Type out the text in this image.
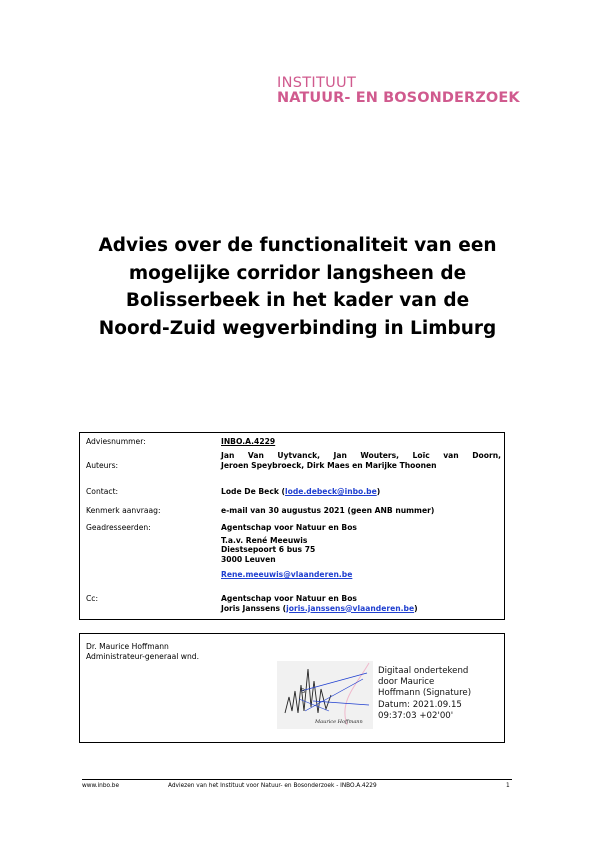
INSTITUUT
NATUUR- EN BOSONDERZOEK
Advies over de functionaliteit van een
mogelijke corridor langsheen de
Bolisserbeek in het kader van de
Noord-Zuid wegverbinding in Limburg
Adviesnummer:	INBO.A.4229
Auteurs:
Jan Van Uytvanck, Jan Wouters, Loïc van Doorn,
Jeroen Speybroeck, Dirk Maes en Marijke Thoonen
Contact:	Lode De Beck (lode.debeck@inbo.be)
Kenmerk aanvraag:	e-mail van 30 augustus 2021 (geen ANB nummer)
Geadresseerden:	Agentschap voor Natuur en Bos
T.a.v. René Meeuwis
Diestsepoort 6 bus 75
3000 Leuven
Rene.meeuwis@vlaanderen.be
Cc:	Agentschap voor Natuur en Bos
Joris Janssens (joris.janssens@vlaanderen.be)
Dr. Maurice Hoffmann
Administrateur-generaal wnd.
B
Maurice Hoffmann
Digitaal ondertekend
door Maurice
Hoffmann (Signature)
Datum: 2021.09.15
09:37:03 +02'00'
www.inbo.be	Adviezen van het Instituut voor Natuur- en Bosonderzoek - INBO.A.4229	1
